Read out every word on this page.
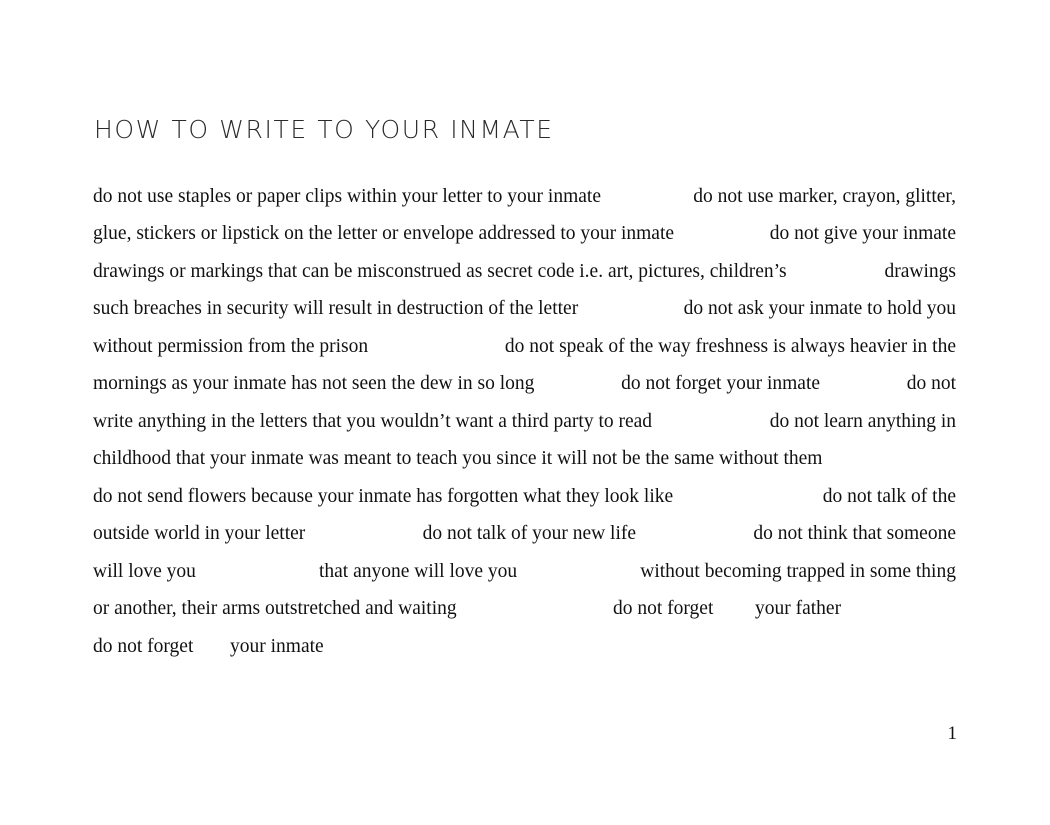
HOW TO WRITE TO YOUR INMATE
do not use staples or paper clips within your letter to your inmate	do not use marker, crayon, glitter,
glue, stickers or lipstick on the letter or envelope addressed to your inmate	do not give your inmate
drawings or markings that can be misconstrued as secret code i.e. art, pictures, children’s	drawings
such breaches in security will result in destruction of the letter	do not ask your inmate to hold you
without permission from the prison	do not speak of the way freshness is always heavier in the
mornings as your inmate has not seen the dew in so long	do not forget your inmate	do not
write anything in the letters that you wouldn’t want a third party to read	do not learn anything in
childhood that your inmate was meant to teach you since it will not be the same without them
do not send flowers because your inmate has forgotten what they look like	do not talk of the
outside world in your letter	do not talk of your new life	do not think that someone
will love you	that anyone will love you	without becoming trapped in some thing
or another, their arms outstretched and waiting	do not forget your father
do not forget your inmate
1
